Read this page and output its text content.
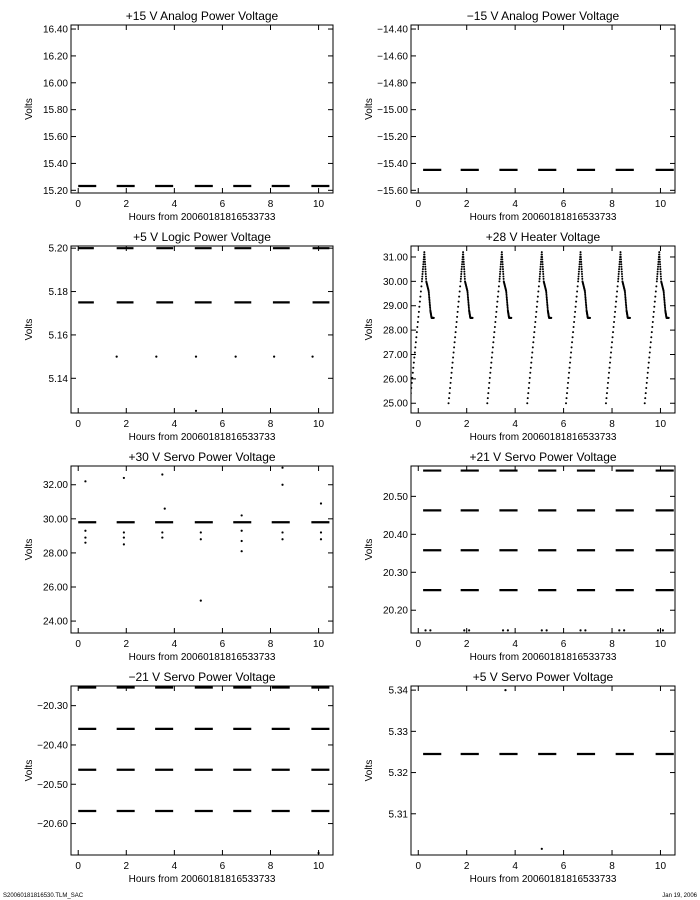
+15 V Analog Power Voltage
0	2	4	6	8	10
15.20
15.40
15.60
15.80
16.00
16.20
16.40
Hours from 20060181816533733
Volts
−15 V Analog Power Voltage
0	2	4	6	8	10
−15.60
−15.40
−15.20
−15.00
−14.80
−14.60
−14.40
Hours from 20060181816533733
Volts
+5 V Logic Power Voltage
0	2	4	6	8	10
5.14
5.16
5.18
5.20
Hours from 20060181816533733
Volts
+28 V Heater Voltage
0	2	4	6	8	10
25.00
26.00
27.00
28.00
29.00
30.00
31.00
Hours from 20060181816533733
Volts
+30 V Servo Power Voltage
0	2	4	6	8	10
24.00
26.00
28.00
30.00
32.00
Hours from 20060181816533733
Volts
+21 V Servo Power Voltage
0	2	4	6	8	10
20.20
20.30
20.40
20.50
Hours from 20060181816533733
Volts
−21 V Servo Power Voltage
0	2	4	6	8	10
−20.60
−20.50
−20.40
−20.30
Hours from 20060181816533733
Volts
+5 V Servo Power Voltage
0	2	4	6	8	10
5.31
5.32
5.33
5.34
Hours from 20060181816533733
Volts
S20060181816530.TLM_SAC	Jan 19, 2006
